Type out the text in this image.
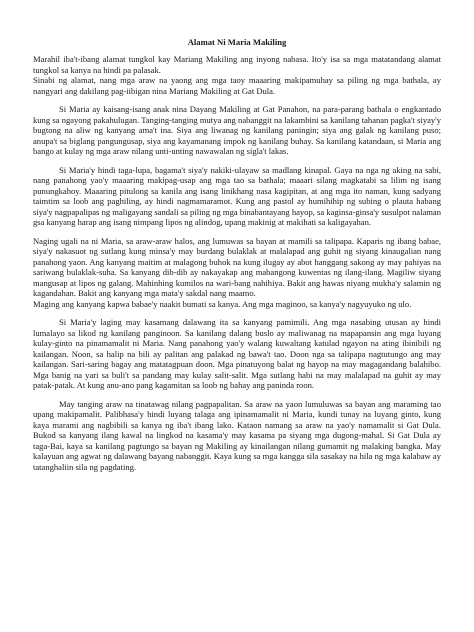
Alamat Ni Maria Makiling
Marahil iba't-ibang alamat tungkol kay Mariang Makiling ang inyong nabasa. Ito'y isa sa mga matatandang alamat tungkol sa kanya na hindi pa palasak.
Sinabi ng alamat, nang mga araw na yaong ang mga taoy maaaring makipamuhay sa piling ng mga bathala, ay nangyari ang dakilang pag-iibigan nina Mariang Makiling at Gat Dula.
Si Maria ay kaisang-isang anak nina Dayang Makiling at Gat Panahon, na para-parang bathala o engkantado kung sa ngayong pakahulugan. Tanging-tanging mutya ang nabanggit na lakambini sa kanilang tahanan pagka't siyay'y bugtong na aliw ng kanyang ama't ina. Siya ang liwanag ng kanilang paningin; siya ang galak ng kanilang puso; anupa't sa biglang pangungusap, siya ang kayamanang impok ng kanilang buhay. Sa kanilang katandaan, si Maria ang bango at kulay ng mga araw nilang unti-unting nawawalan ng sigla't lakas.
Si Maria'y hindi taga-lupa, bagama't siya'y nakiki-ulayaw sa madlang kinapal. Gaya na nga ng aking na sabi, nang panahong yao'y maaaring makipag-usap ang mga tao sa bathala; maaari silang magkatabi sa lilim ng isang punungkahoy. Maaaring pitulong sa kanila ang isang linikhang nasa kagipitan, at ang mga ito naman, kung sadyang taimtim sa loob ang paghiling, ay hindi nagmamaramot. Kung ang pastol ay humihihip ng subing o plauta habang siya'y nagpapalipas ng maligayang sandali sa piling ng mga binabantayang hayop, sa kaginsa-ginsa'y susulpot nalaman gsa kanyang harap ang isang nimpang lipos ng alindog, upang makinig at makihati sa kaligayahan.
Naging ugali na ni Maria, sa araw-araw halos, ang lumuwas sa bayan at mamili sa talipapa. Kaparis ng ibang babae, siya'y nakasuot ng sutlang kung minsa'y may burdang bulaklak at malalapad ang guhit ng siyang kinaugalian nang panahong yaon. Ang kanyang maitim at malagong buhok na kung ilugay ay abot hanggang sakong ay may pahiyas na sariwang bulaklak-suha. Sa kanyang dib-dib ay nakayakap ang mabangong kuwentas ng ilang-ilang. Magiliw siyang mangusap at lipos ng galang. Mahinhing kumilos na wari-bang nahihiya. Bakit ang hawas niyang mukha'y salamin ng kagandahan. Bakit ang kanyang mga mata'y sakdal nang maamo.
Maging ang kanyang kapwa babae'y naakit bumati sa kanya. Ang mga maginoo, sa kanya'y nagyuyuko ng ulo.
Si Maria'y laging may kasamang dalawang ita sa kanyang pamimili. Ang mga nasabing utusan ay hindi lumalayo sa likod ng kanilang panginoon. Sa kanilang dalang buslo ay maliwanag na mapapansin ang mga luyang kulay-ginto na pinamamalit ni Maria. Nang panahong yao'y walang kuwaltang katulad ngayon na ating ibinibili ng kailangan. Noon, sa halip na bili ay palitan ang palakad ng bawa't tao. Doon nga sa talipapa nagtutungo ang may kailangan. Sari-saring bagay ang matatagpuan doon. Mga pinatuyong balat ng hayop na may magagandang balahibo. Mga banig na yari sa buli't sa pandang may kulay salit-salit. Mga sutlang habi na may malalapad na guhit ay may patak-patak. At kung anu-ano pang kagamitan sa loob ng bahay ang paninda roon.
May tanging araw na tinatawag nilang pagpapalitan. Sa araw na yaon lumuluwas sa bayan ang maraming tao upang makipamalit. Palibhasa'y hindi luyang talaga ang ipinamamalit ni Maria, kundi tunay na luyang ginto, kung kaya marami ang nagbibili sa kanya ng iba't ibang lako. Kataon namang sa araw na yao'y namamalit si Gat Dula. Bukod sa kanyang ilang kawal na lingkod na kasama'y may kasama pa siyang mga dugong-mahal. Si Gat Dula ay taga-Bai, kaya sa kanilang pagtungo sa bayan ng Makiling ay kinailangan nilang gumamit ng malaking bangka. May kalayuan ang agwat ng dalawang bayang nabanggit. Kaya kung sa mga kangga sila sasakay na hila ng mga kalabaw ay tatanghaliin sila ng pagdating.
